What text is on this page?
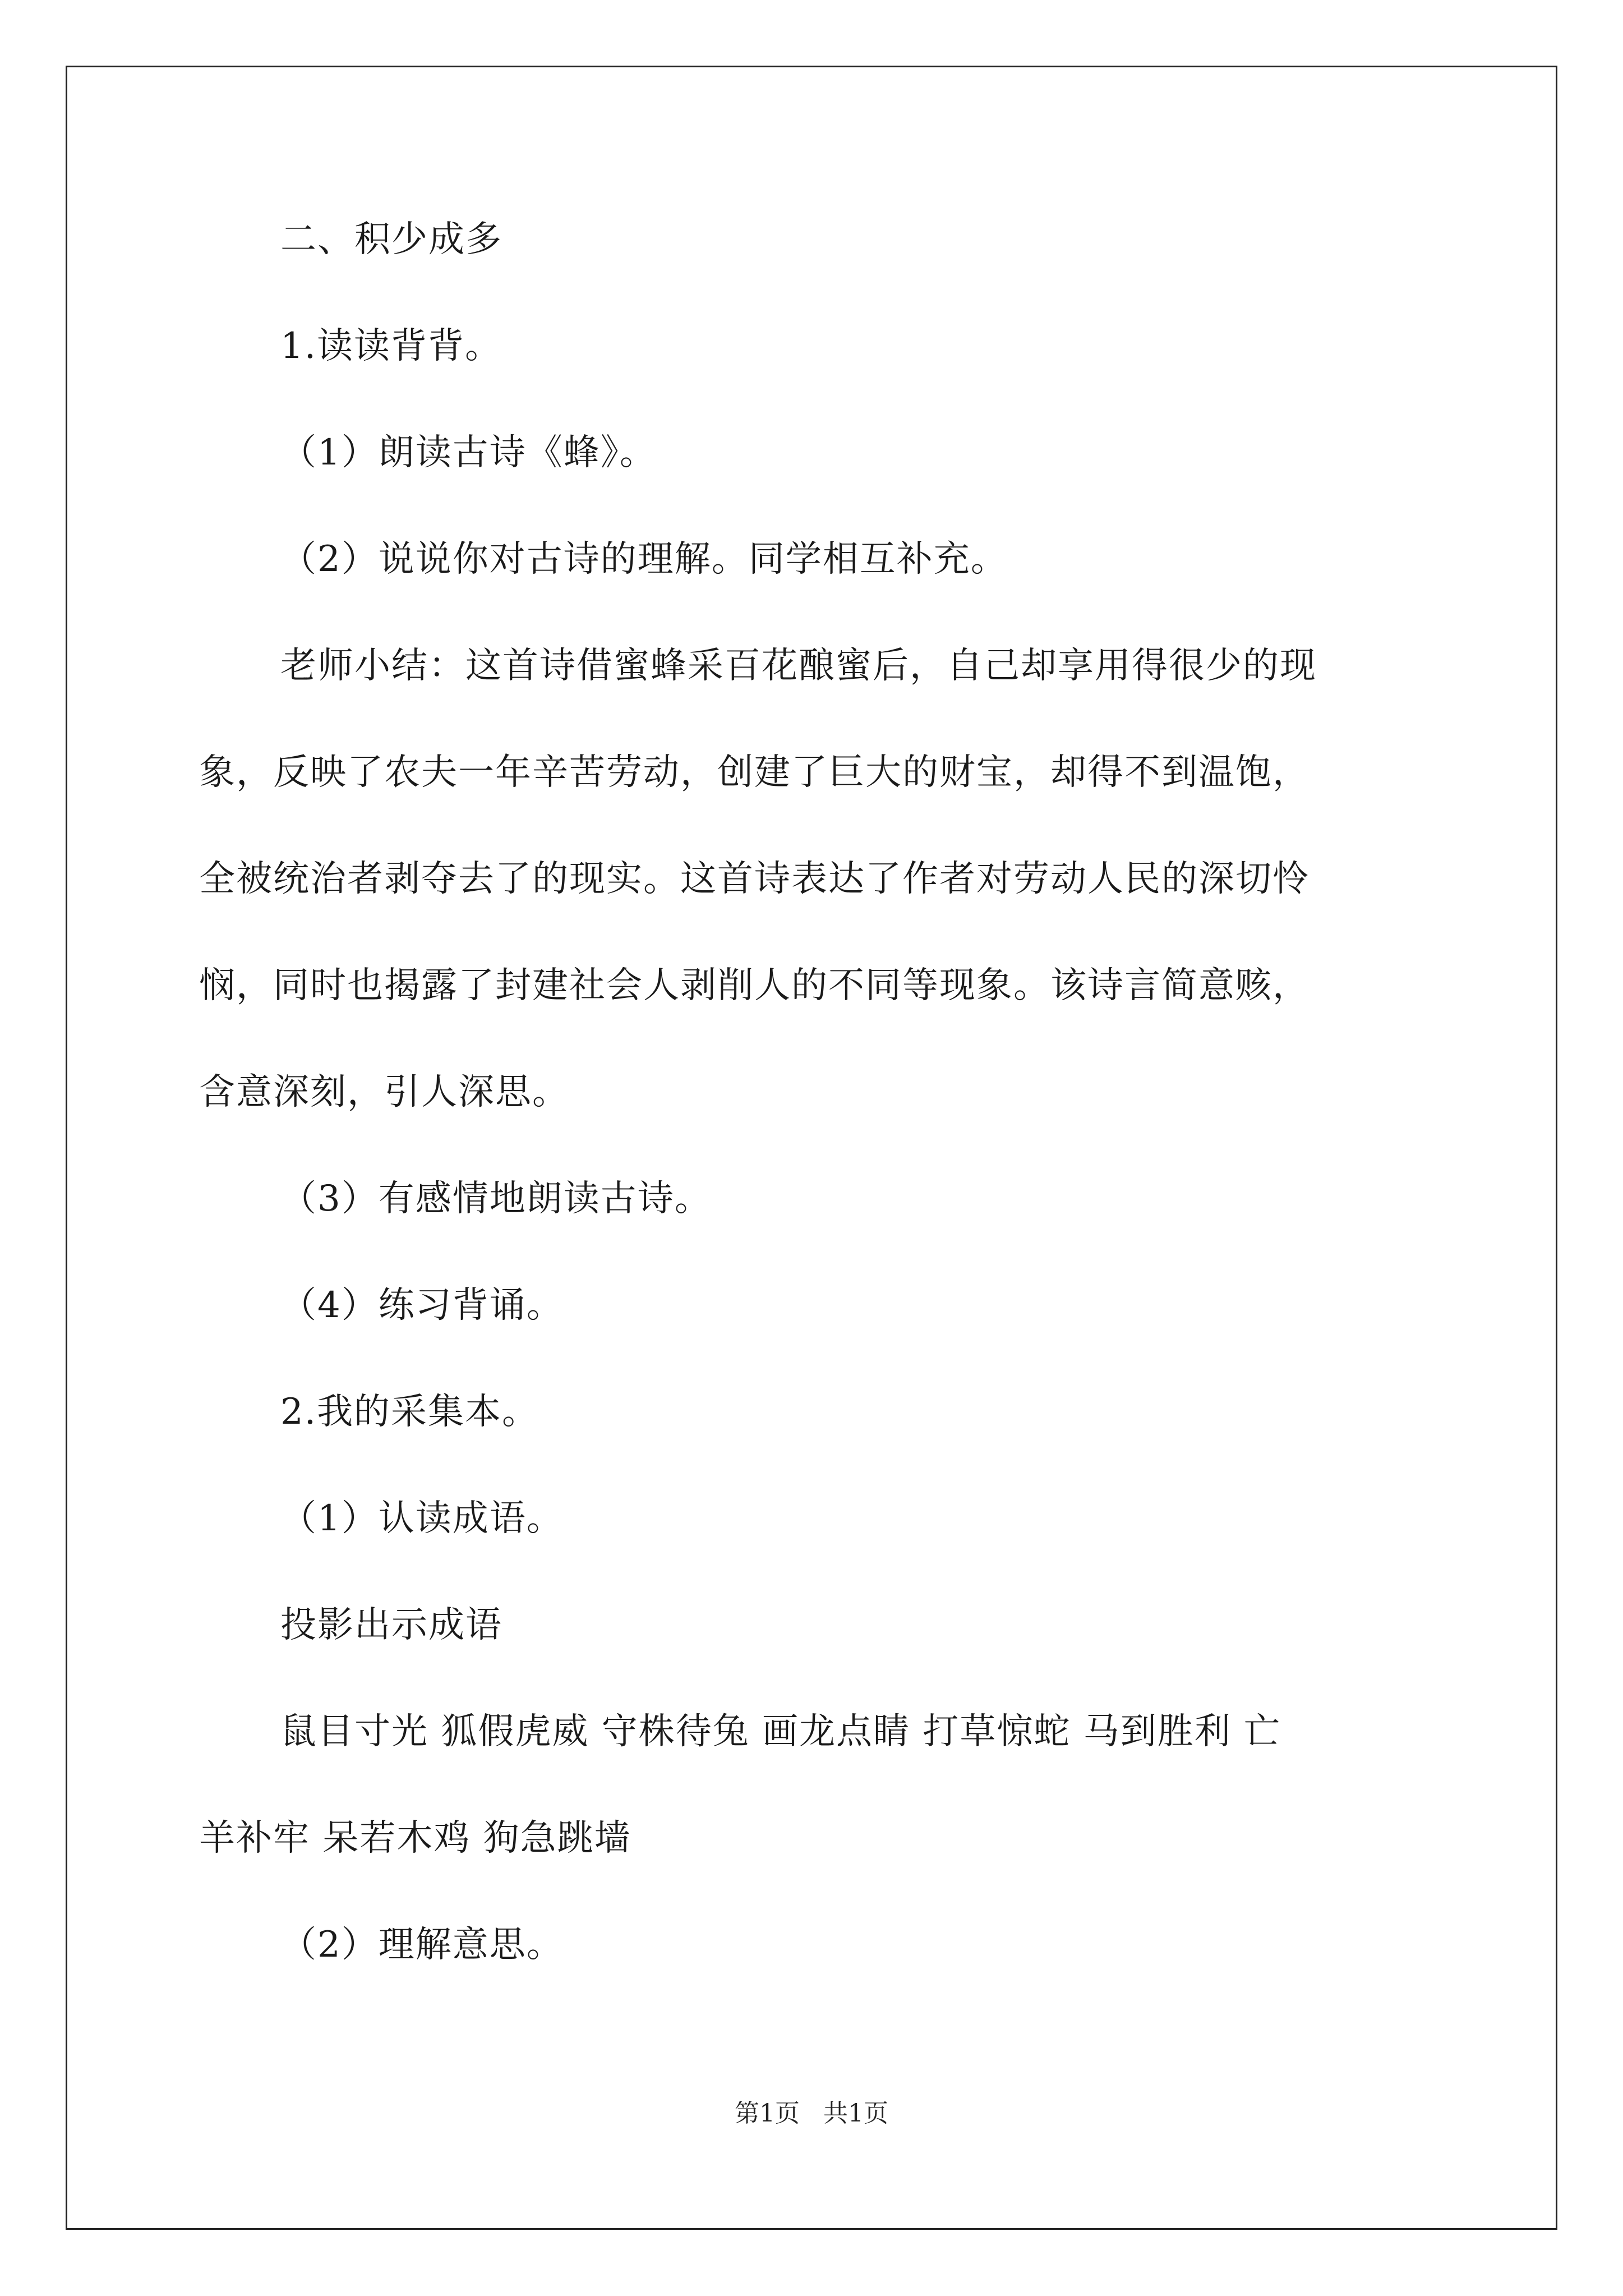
二、积少成多
1.读读背背。
（1）朗读古诗《蜂》。
（2）说说你对古诗的理解。同学相互补充。
老师小结：这首诗借蜜蜂采百花酿蜜后，自己却享用得很少的现
象，反映了农夫一年辛苦劳动，创建了巨大的财宝，却得不到温饱，
全被统治者剥夺去了的现实。这首诗表达了作者对劳动人民的深切怜
悯，同时也揭露了封建社会人剥削人的不同等现象。该诗言简意赅，
含意深刻，引人深思。
（3）有感情地朗读古诗。
（4）练习背诵。
2.我的采集本。
（1）认读成语。
投影出示成语
鼠目寸光 狐假虎威 守株待兔 画龙点睛 打草惊蛇 马到胜利 亡
羊补牢 呆若木鸡 狗急跳墙
（2）理解意思。
第1页   共1页
